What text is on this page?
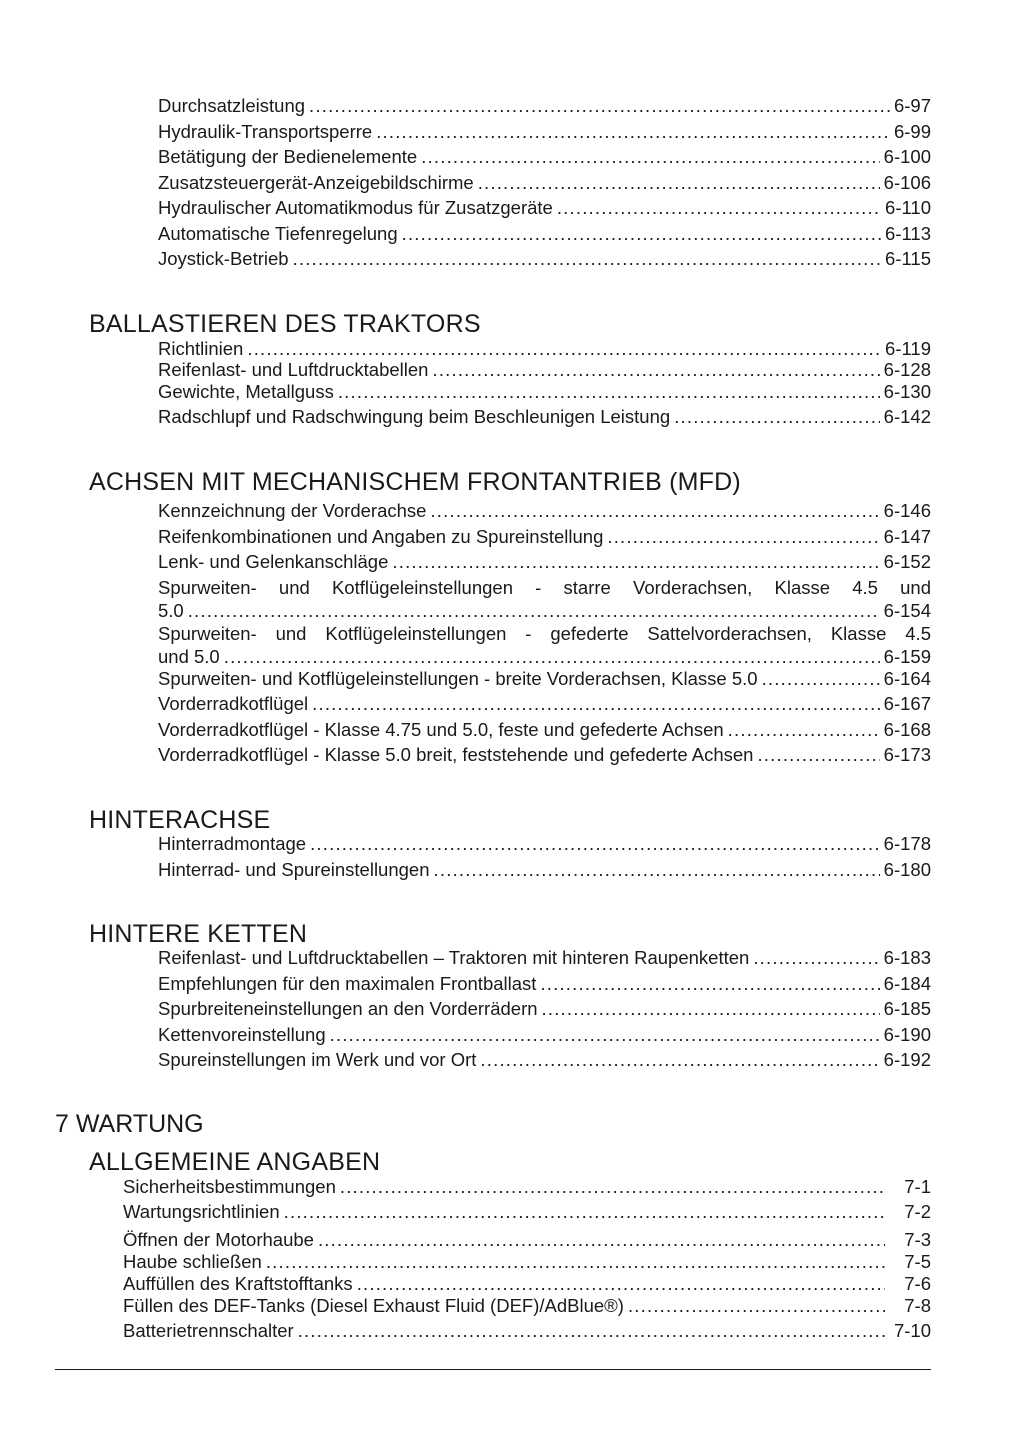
Durchsatzleistung .....	6-97
Hydraulik-Transportsperre .....	6-99
Betätigung der Bedienelemente .....	6-100
Zusatzsteuergerät-Anzeigebildschirme .....	6-106
Hydraulischer Automatikmodus für Zusatzgeräte .....	6-110
Automatische Tiefenregelung .....	6-113
Joystick-Betrieb .....	6-115
BALLASTIEREN DES TRAKTORS
Richtlinien .....	6-119
Reifenlast- und Luftdrucktabellen .....	6-128
Gewichte, Metallguss .....	6-130
Radschlupf und Radschwingung beim Beschleunigen Leistung .....	6-142
ACHSEN MIT MECHANISCHEM FRONTANTRIEB (MFD)
Kennzeichnung der Vorderachse .....	6-146
Reifenkombinationen und Angaben zu Spureinstellung .....	6-147
Lenk- und Gelenkanschläge .....	6-152
Spurweiten- und Kotflügeleinstellungen - starre Vorderachsen, Klasse 4.5 und
5.0 .....	6-154
Spurweiten- und Kotflügeleinstellungen - gefederte Sattelvorderachsen, Klasse 4.5
und 5.0 .....	6-159
Spurweiten- und Kotflügeleinstellungen - breite Vorderachsen, Klasse 5.0 .....	6-164
Vorderradkotflügel .....	6-167
Vorderradkotflügel - Klasse 4.75 und 5.0, feste und gefederte Achsen .....	6-168
Vorderradkotflügel - Klasse 5.0 breit, feststehende und gefederte Achsen .....	6-173
HINTERACHSE
Hinterradmontage .....	6-178
Hinterrad- und Spureinstellungen .....	6-180
HINTERE KETTEN
Reifenlast- und Luftdrucktabellen – Traktoren mit hinteren Raupenketten .....	6-183
Empfehlungen für den maximalen Frontballast .....	6-184
Spurbreiteneinstellungen an den Vorderrädern .....	6-185
Kettenvoreinstellung .....	6-190
Spureinstellungen im Werk und vor Ort .....	6-192
7 WARTUNG
ALLGEMEINE ANGABEN
Sicherheitsbestimmungen .....	7-1
Wartungsrichtlinien .....	7-2
Öffnen der Motorhaube .....	7-3
Haube schließen .....	7-5
Auffüllen des Kraftstofftanks .....	7-6
Füllen des DEF-Tanks (Diesel Exhaust Fluid (DEF)/AdBlue®) .....	7-8
Batterietrennschalter .....	7-10
